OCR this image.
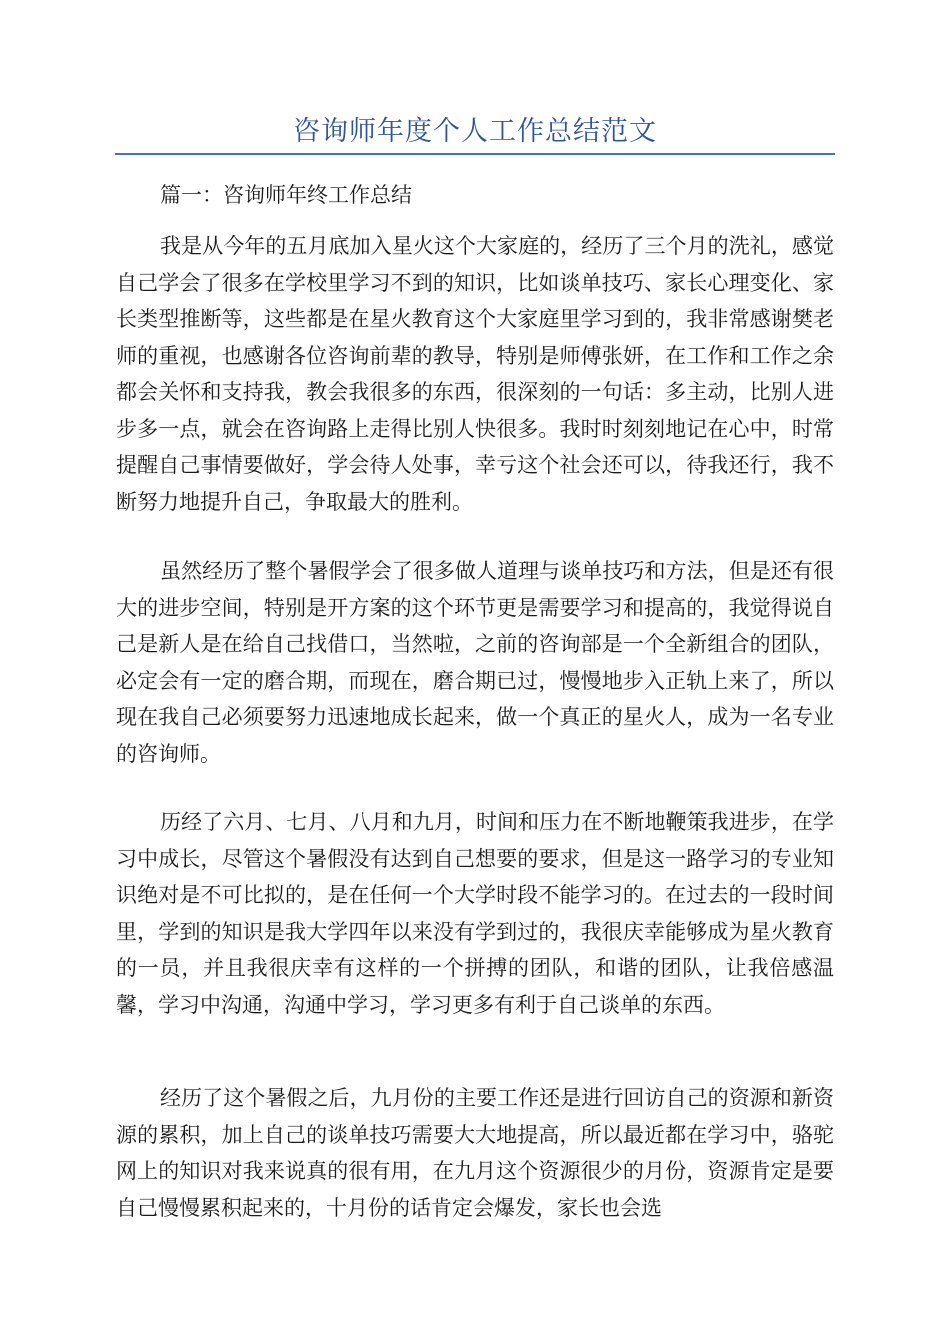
咨询师年度个人工作总结范文
篇一：咨询师年终工作总结

我是从今年的五月底加入星火这个大家庭的，经历了三个月的洗礼，感觉自己学会了很多在学校里学习不到的知识，比如谈单技巧、家长心理变化、家长类型推断等，这些都是在星火教育这个大家庭里学习到的，我非常感谢樊老师的重视，也感谢各位咨询前辈的教导，特别是师傅张妍，在工作和工作之余都会关怀和支持我，教会我很多的东西，很深刻的一句话：多主动，比别人进步多一点，就会在咨询路上走得比别人快很多。我时时刻刻地记在心中，时常提醒自己事情要做好，学会待人处事，幸亏这个社会还可以，待我还行，我不断努力地提升自己，争取最大的胜利。

虽然经历了整个暑假学会了很多做人道理与谈单技巧和方法，但是还有很大的进步空间，特别是开方案的这个环节更是需要学习和提高的，我觉得说自己是新人是在给自己找借口，当然啦，之前的咨询部是一个全新组合的团队，必定会有一定的磨合期，而现在，磨合期已过，慢慢地步入正轨上来了，所以现在我自己必须要努力迅速地成长起来，做一个真正的星火人，成为一名专业的咨询师。

历经了六月、七月、八月和九月，时间和压力在不断地鞭策我进步，在学习中成长，尽管这个暑假没有达到自己想要的要求，但是这一路学习的专业知识绝对是不可比拟的，是在任何一个大学时段不能学习的。在过去的一段时间里，学到的知识是我大学四年以来没有学到过的，我很庆幸能够成为星火教育的一员，并且我很庆幸有这样的一个拼搏的团队，和谐的团队，让我倍感温馨，学习中沟通，沟通中学习，学习更多有利于自己谈单的东西。

经历了这个暑假之后，九月份的主要工作还是进行回访自己的资源和新资源的累积，加上自己的谈单技巧需要大大地提高，所以最近都在学习中，骆驼网上的知识对我来说真的很有用，在九月这个资源很少的月份，资源肯定是要自己慢慢累积起来的，十月份的话肯定会爆发，家长也会选
